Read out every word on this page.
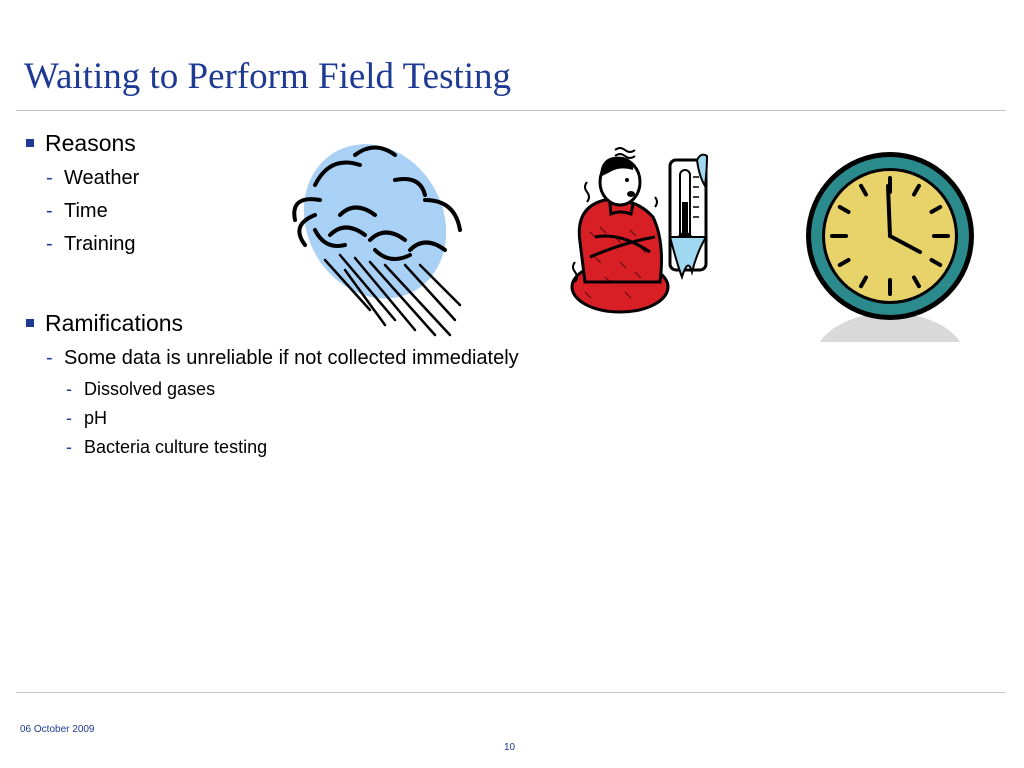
Waiting to Perform Field Testing
Reasons
- Weather
- Time
- Training
Ramifications
- Some data is unreliable if not collected immediately
- Dissolved gases
- pH
- Bacteria culture testing
06 October 2009
10
